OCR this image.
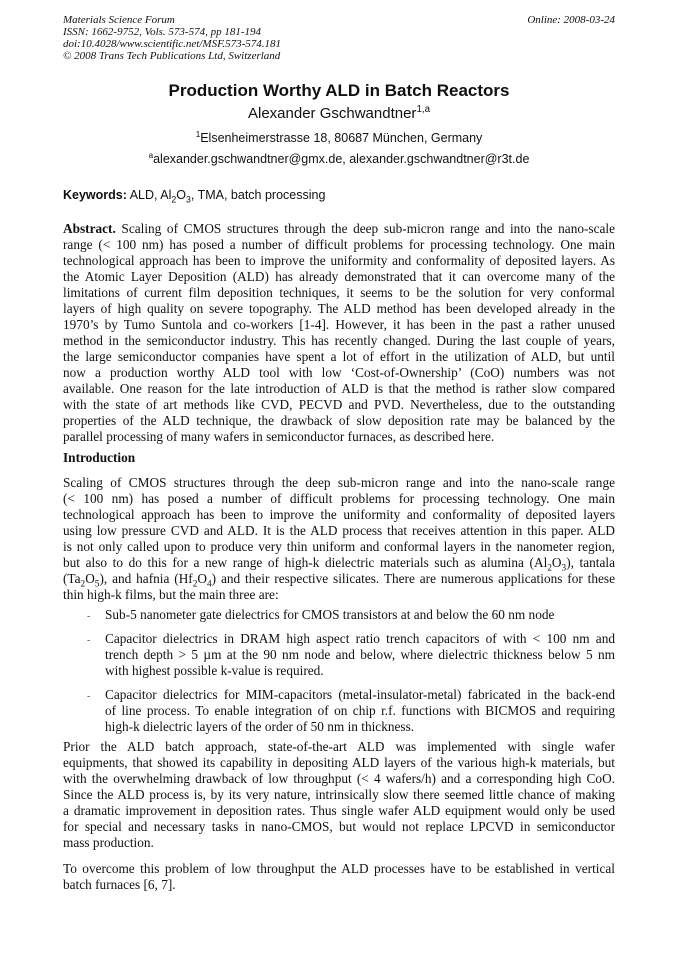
Materials Science Forum
ISSN: 1662-9752, Vols. 573-574, pp 181-194
doi:10.4028/www.scientific.net/MSF.573-574.181
© 2008 Trans Tech Publications Ltd, Switzerland
Online: 2008-03-24
Production Worthy ALD in Batch Reactors
Alexander Gschwandtner$^{1,a}$
$^1$Elsenheimerstrasse 18, 80687 München, Germany
$^a$alexander.gschwandtner@gmx.de, alexander.gschwandtner@r3t.de
Keywords: ALD, $Al_2O_3$, TMA, batch processing
Abstract. Scaling of CMOS structures through the deep sub-micron range and into the nano-scale
range (< 100 nm) has posed a number of difficult problems for processing technology. One main
technological approach has been to improve the uniformity and conformality of deposited layers. As
the Atomic Layer Deposition (ALD) has already demonstrated that it can overcome many of the
limitations of current film deposition techniques, it seems to be the solution for very conformal
layers of high quality on severe topography. The ALD method has been developed already in the
1970’s by Tumo Suntola and co-workers [1-4]. However, it has been in the past a rather unused
method in the semiconductor industry. This has recently changed. During the last couple of years,
the large semiconductor companies have spent a lot of effort in the utilization of ALD, but until
now a production worthy ALD tool with low ‘Cost-of-Ownership’ (CoO) numbers was not
available. One reason for the late introduction of ALD is that the method is rather slow compared
with the state of art methods like CVD, PECVD and PVD. Nevertheless, due to the outstanding
properties of the ALD technique, the drawback of slow deposition rate may be balanced by the
parallel processing of many wafers in semiconductor furnaces, as described here.
Introduction
Scaling of CMOS structures through the deep sub-micron range and into the nano-scale range
(< 100 nm) has posed a number of difficult problems for processing technology. One main
technological approach has been to improve the uniformity and conformality of deposited layers
using low pressure CVD and ALD. It is the ALD process that receives attention in this paper. ALD
is not only called upon to produce very thin uniform and conformal layers in the nanometer region,
but also to do this for a new range of high-k dielectric materials such as alumina $(Al_2O_3)$, tantala
$(Ta_2O_5)$, and hafnia $(Hf_2O_4)$ and their respective silicates. There are numerous applications for these
thin high-k films, but the main three are:
- Sub-5 nanometer gate dielectrics for CMOS transistors at and below the 60 nm node
- Capacitor dielectrics in DRAM high aspect ratio trench capacitors of with < 100 nm and
trench depth > 5 µm at the 90 nm node and below, where dielectric thickness below 5 nm
with highest possible k-value is required.
- Capacitor dielectrics for MIM-capacitors (metal-insulator-metal) fabricated in the back-end
of line process. To enable integration of on chip r.f. functions with BICMOS and requiring
high-k dielectric layers of the order of 50 nm in thickness.
Prior the ALD batch approach, state-of-the-art ALD was implemented with single wafer
equipments, that showed its capability in depositing ALD layers of the various high-k materials, but
with the overwhelming drawback of low throughput (< 4 wafers/h) and a corresponding high CoO.
Since the ALD process is, by its very nature, intrinsically slow there seemed little chance of making
a dramatic improvement in deposition rates. Thus single wafer ALD equipment would only be used
for special and necessary tasks in nano-CMOS, but would not replace LPCVD in semiconductor
mass production.
To overcome this problem of low throughput the ALD processes have to be established in vertical
batch furnaces [6, 7].
